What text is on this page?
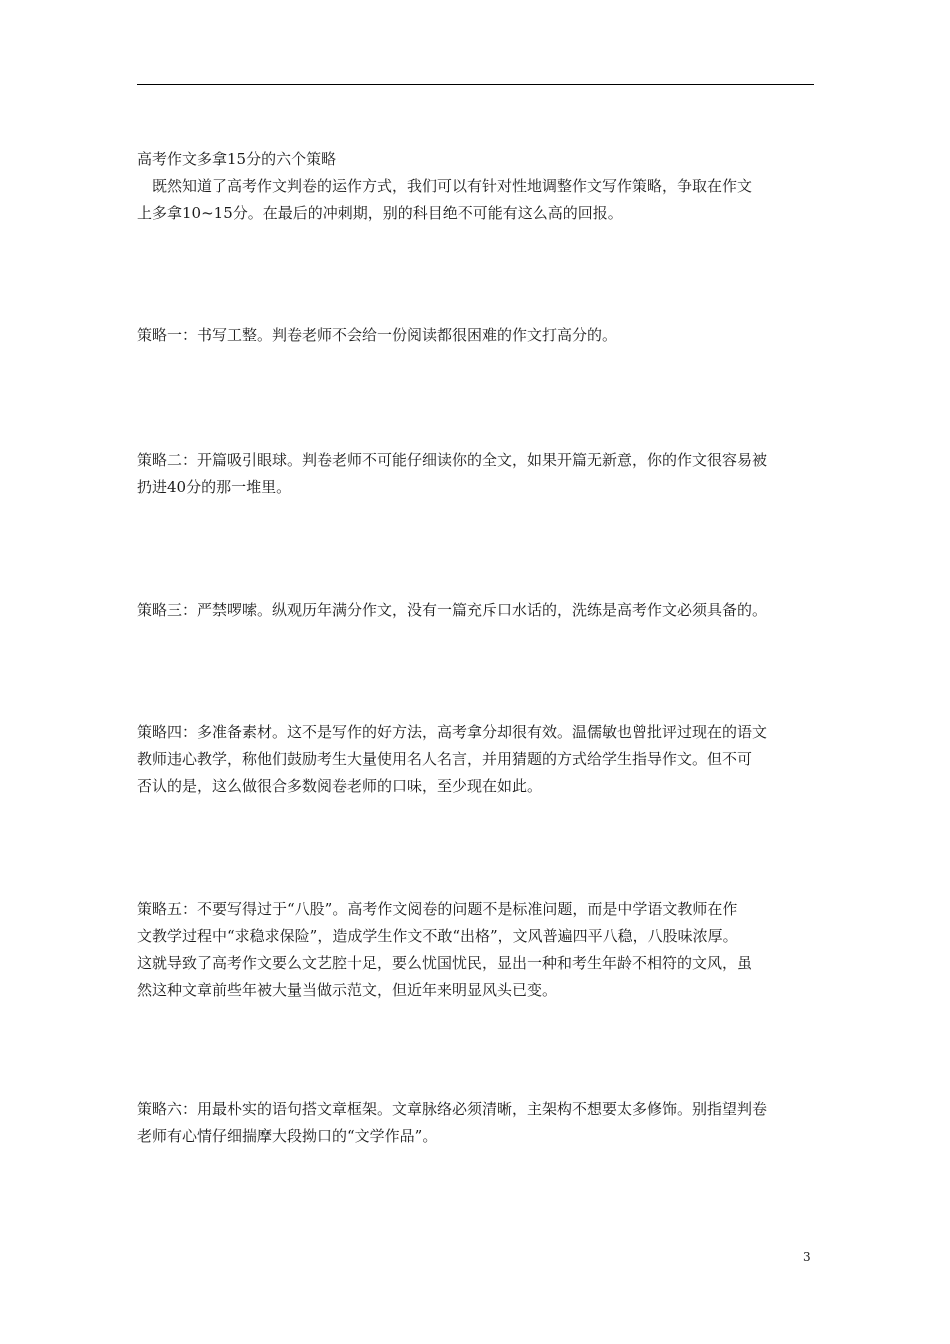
高考作文多拿15分的六个策略
　既然知道了高考作文判卷的运作方式，我们可以有针对性地调整作文写作策略，争取在作文
上多拿10~15分。在最后的冲刺期，别的科目绝不可能有这么高的回报。

策略一：书写工整。判卷老师不会给一份阅读都很困难的作文打高分的。

策略二：开篇吸引眼球。判卷老师不可能仔细读你的全文，如果开篇无新意，你的作文很容易被
扔进40分的那一堆里。

策略三：严禁啰嗦。纵观历年满分作文，没有一篇充斥口水话的，洗练是高考作文必须具备的。

策略四：多准备素材。这不是写作的好方法，高考拿分却很有效。温儒敏也曾批评过现在的语文
教师违心教学，称他们鼓励考生大量使用名人名言，并用猜题的方式给学生指导作文。但不可
否认的是，这么做很合多数阅卷老师的口味，至少现在如此。

策略五：不要写得过于“八股”。高考作文阅卷的问题不是标准问题，而是中学语文教师在作
文教学过程中“求稳求保险”，造成学生作文不敢“出格”，文风普遍四平八稳，八股味浓厚。
这就导致了高考作文要么文艺腔十足，要么忧国忧民，显出一种和考生年龄不相符的文风，虽
然这种文章前些年被大量当做示范文，但近年来明显风头已变。

策略六：用最朴实的语句搭文章框架。文章脉络必须清晰，主架构不想要太多修饰。别指望判卷
老师有心情仔细揣摩大段拗口的“文学作品”。

3
